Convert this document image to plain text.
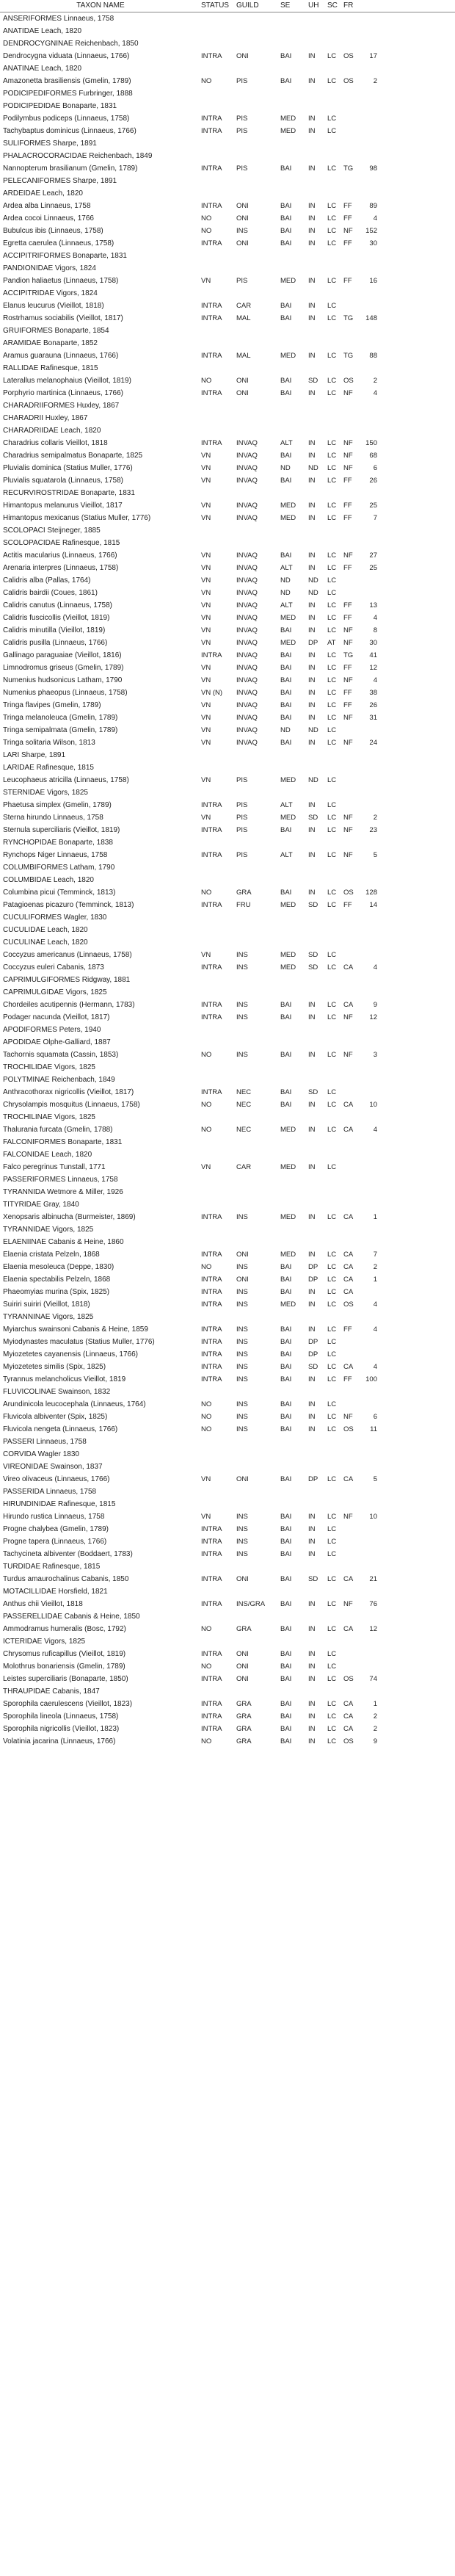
TAXON NAME	STATUS	GUILD	SE	UH	SC	FR		
ANSERIFORMES Linnaeus, 1758								
ANATIDAE Leach, 1820								
DENDROCYGNINAE Reichenbach, 1850								
Dendrocygna viduata (Linnaeus, 1766)	INTRA	ONI	BAI	IN	LC	OS	17	
ANATINAE Leach, 1820								
Amazonetta brasiliensis (Gmelin, 1789)	NO	PIS	BAI	IN	LC	OS	2	
PODICIPEDIFORMES Furbringer, 1888								
PODICIPEDIDAE Bonaparte, 1831								
Podilymbus podiceps (Linnaeus, 1758)	INTRA	PIS	MED	IN	LC			
Tachybaptus dominicus (Linnaeus, 1766)	INTRA	PIS	MED	IN	LC			
SULIFORMES Sharpe, 1891								
PHALACROCORACIDAE Reichenbach, 1849								
Nannopterum brasilianum (Gmelin, 1789)	INTRA	PIS	BAI	IN	LC	TG	98	
PELECANIFORMES Sharpe, 1891								
ARDEIDAE Leach, 1820								
Ardea alba Linnaeus, 1758	INTRA	ONI	BAI	IN	LC	FF	89	
Ardea cocoi Linnaeus, 1766	NO	ONI	BAI	IN	LC	FF	4	
Bubulcus ibis (Linnaeus, 1758)	NO	INS	BAI	IN	LC	NF	152	
Egretta caerulea (Linnaeus, 1758)	INTRA	ONI	BAI	IN	LC	FF	30	
ACCIPITRIFORMES Bonaparte, 1831								
PANDIONIDAE Vigors, 1824								
Pandion haliaetus (Linnaeus, 1758)	VN	PIS	MED	IN	LC	FF	16	
ACCIPITRIDAE Vigors, 1824								
Elanus leucurus (Vieillot, 1818)	INTRA	CAR	BAI	IN	LC			
Rostrhamus sociabilis (Vieillot, 1817)	INTRA	MAL	BAI	IN	LC	TG	148	
GRUIFORMES Bonaparte, 1854								
ARAMIDAE Bonaparte, 1852								
Aramus guarauna (Linnaeus, 1766)	INTRA	MAL	MED	IN	LC	TG	88	
RALLIDAE Rafinesque, 1815								
Laterallus melanophaius (Vieillot, 1819)	NO	ONI	BAI	SD	LC	OS	2	
Porphyrio martinica (Linnaeus, 1766)	INTRA	ONI	BAI	IN	LC	NF	4	
CHARADRIIFORMES Huxley, 1867								
CHARADRII Huxley, 1867								
CHARADRIIDAE Leach, 1820								
Charadrius collaris Vieillot, 1818	INTRA	INVAQ	ALT	IN	LC	NF	150	
Charadrius semipalmatus Bonaparte, 1825	VN	INVAQ	BAI	IN	LC	NF	68	
Pluvialis dominica (Statius Muller, 1776)	VN	INVAQ	ND	ND	LC	NF	6	
Pluvialis squatarola (Linnaeus, 1758)	VN	INVAQ	BAI	IN	LC	FF	26	
RECURVIROSTRIDAE Bonaparte, 1831								
Himantopus melanurus Vieillot, 1817	VN	INVAQ	MED	IN	LC	FF	25	
Himantopus mexicanus (Statius Muller, 1776)	VN	INVAQ	MED	IN	LC	FF	7	
SCOLOPACI Steijneger, 1885								
SCOLOPACIDAE Rafinesque, 1815								
Actitis macularius (Linnaeus, 1766)	VN	INVAQ	BAI	IN	LC	NF	27	
Arenaria interpres (Linnaeus, 1758)	VN	INVAQ	ALT	IN	LC	FF	25	
Calidris alba (Pallas, 1764)	VN	INVAQ	ND	ND	LC			
Calidris bairdii (Coues, 1861)	VN	INVAQ	ND	ND	LC			
Calidris canutus (Linnaeus, 1758)	VN	INVAQ	ALT	IN	LC	FF	13	
Calidris fuscicollis (Vieillot, 1819)	VN	INVAQ	MED	IN	LC	FF	4	
Calidris minutilla (Vieillot, 1819)	VN	INVAQ	BAI	IN	LC	NF	8	
Calidris pusilla (Linnaeus, 1766)	VN	INVAQ	MED	DP	AT	NF	30	
Gallinago paraguaiae (Vieillot, 1816)	INTRA	INVAQ	BAI	IN	LC	TG	41	
Limnodromus griseus (Gmelin, 1789)	VN	INVAQ	BAI	IN	LC	FF	12	
Numenius hudsonicus Latham, 1790	VN	INVAQ	BAI	IN	LC	NF	4	
Numenius phaeopus (Linnaeus, 1758)	VN (N)	INVAQ	BAI	IN	LC	FF	38	
Tringa flavipes (Gmelin, 1789)	VN	INVAQ	BAI	IN	LC	FF	26	
Tringa melanoleuca (Gmelin, 1789)	VN	INVAQ	BAI	IN	LC	NF	31	
Tringa semipalmata (Gmelin, 1789)	VN	INVAQ	ND	ND	LC			
Tringa solitaria Wilson, 1813	VN	INVAQ	BAI	IN	LC	NF	24	
LARI Sharpe, 1891								
LARIDAE Rafinesque, 1815								
Leucophaeus atricilla (Linnaeus, 1758)	VN	PIS	MED	ND	LC			
STERNIDAE Vigors, 1825								
Phaetusa simplex (Gmelin, 1789)	INTRA	PIS	ALT	IN	LC			
Sterna hirundo Linnaeus, 1758	VN	PIS	MED	SD	LC	NF	2	
Sternula superciliaris (Vieillot, 1819)	INTRA	PIS	BAI	IN	LC	NF	23	
RYNCHOPIDAE Bonaparte, 1838								
Rynchops Niger Linnaeus, 1758	INTRA	PIS	ALT	IN	LC	NF	5	
COLUMBIFORMES Latham, 1790								
COLUMBIDAE Leach, 1820								
Columbina picui (Temminck, 1813)	NO	GRA	BAI	IN	LC	OS	128	
Patagioenas picazuro (Temminck, 1813)	INTRA	FRU	MED	SD	LC	FF	14	
CUCULIFORMES Wagler, 1830								
CUCULIDAE Leach, 1820								
CUCULINAE Leach, 1820								
Coccyzus americanus (Linnaeus, 1758)	VN	INS	MED	SD	LC			
Coccyzus euleri Cabanis, 1873	INTRA	INS	MED	SD	LC	CA	4	
CAPRIMULGIFORMES Ridgway, 1881								
CAPRIMULGIDAE Vigors, 1825								
Chordeiles acutipennis (Hermann, 1783)	INTRA	INS	BAI	IN	LC	CA	9	
Podager nacunda (Vieillot, 1817)	INTRA	INS	BAI	IN	LC	NF	12	
APODIFORMES Peters, 1940								
APODIDAE Olphe-Galliard, 1887								
Tachornis squamata (Cassin, 1853)	NO	INS	BAI	IN	LC	NF	3	
TROCHILIDAE Vigors, 1825								
POLYTMINAE Reichenbach, 1849								
Anthracothorax nigricollis (Vieillot, 1817)	INTRA	NEC	BAI	SD	LC			
Chrysolampis mosquitus (Linnaeus, 1758)	NO	NEC	BAI	IN	LC	CA	10	
TROCHILINAE Vigors, 1825								
Thalurania furcata (Gmelin, 1788)	NO	NEC	MED	IN	LC	CA	4	
FALCONIFORMES Bonaparte, 1831								
FALCONIDAE Leach, 1820								
Falco peregrinus Tunstall, 1771	VN	CAR	MED	IN	LC			
PASSERIFORMES Linnaeus, 1758								
TYRANNIDA Wetmore & Miller, 1926								
TITYRIDAE Gray, 1840								
Xenopsaris albinucha (Burmeister, 1869)	INTRA	INS	MED	IN	LC	CA	1	
TYRANNIDAE Vigors, 1825								
ELAENIINAE Cabanis & Heine, 1860								
Elaenia cristata Pelzeln, 1868	INTRA	ONI	MED	IN	LC	CA	7	
Elaenia mesoleuca (Deppe, 1830)	NO	INS	BAI	DP	LC	CA	2	
Elaenia spectabilis Pelzeln, 1868	INTRA	ONI	BAI	DP	LC	CA	1	
Phaeomyias murina (Spix, 1825)	INTRA	INS	BAI	IN	LC	CA		
Suiriri suiriri (Vieillot, 1818)	INTRA	INS	MED	IN	LC	OS	4	
TYRANNINAE Vigors, 1825								
Myiarchus swainsoni Cabanis & Heine, 1859	INTRA	INS	BAI	IN	LC	FF	4	
Myiodynastes maculatus (Statius Muller, 1776)	INTRA	INS	BAI	DP	LC			
Myiozetetes cayanensis (Linnaeus, 1766)	INTRA	INS	BAI	DP	LC			
Myiozetetes similis (Spix, 1825)	INTRA	INS	BAI	SD	LC	CA	4	
Tyrannus melancholicus Vieillot, 1819	INTRA	INS	BAI	IN	LC	FF	100	
FLUVICOLINAE Swainson, 1832								
Arundinicola leucocephala (Linnaeus, 1764)	NO	INS	BAI	IN	LC			
Fluvicola albiventer (Spix, 1825)	NO	INS	BAI	IN	LC	NF	6	
Fluvicola nengeta (Linnaeus, 1766)	NO	INS	BAI	IN	LC	OS	11	
PASSERI Linnaeus, 1758								
CORVIDA Wagler 1830								
VIREONIDAE Swainson, 1837								
Vireo olivaceus (Linnaeus, 1766)	VN	ONI	BAI	DP	LC	CA	5	
PASSERIDA Linnaeus, 1758								
HIRUNDINIDAE Rafinesque, 1815								
Hirundo rustica Linnaeus, 1758	VN	INS	BAI	IN	LC	NF	10	
Progne chalybea (Gmelin, 1789)	INTRA	INS	BAI	IN	LC			
Progne tapera (Linnaeus, 1766)	INTRA	INS	BAI	IN	LC			
Tachycineta albiventer (Boddaert, 1783)	INTRA	INS	BAI	IN	LC			
TURDIDAE Rafinesque, 1815								
Turdus amaurochalinus Cabanis, 1850	INTRA	ONI	BAI	SD	LC	CA	21	
MOTACILLIDAE Horsfield, 1821								
Anthus chii Vieillot, 1818	INTRA	INS/GRA	BAI	IN	LC	NF	76	
PASSERELLIDAE Cabanis & Heine, 1850								
Ammodramus humeralis (Bosc, 1792)	NO	GRA	BAI	IN	LC	CA	12	
ICTERIDAE Vigors, 1825								
Chrysomus ruficapillus (Vieillot, 1819)	INTRA	ONI	BAI	IN	LC			
Molothrus bonariensis (Gmelin, 1789)	NO	ONI	BAI	IN	LC			
Leistes superciliaris (Bonaparte, 1850)	INTRA	ONI	BAI	IN	LC	OS	74	
THRAUPIDAE Cabanis, 1847								
Sporophila caerulescens (Vieillot, 1823)	INTRA	GRA	BAI	IN	LC	CA	1	
Sporophila lineola (Linnaeus, 1758)	INTRA	GRA	BAI	IN	LC	CA	2	
Sporophila nigricollis (Vieillot, 1823)	INTRA	GRA	BAI	IN	LC	CA	2	
Volatinia jacarina (Linnaeus, 1766)	NO	GRA	BAI	IN	LC	OS	9	
